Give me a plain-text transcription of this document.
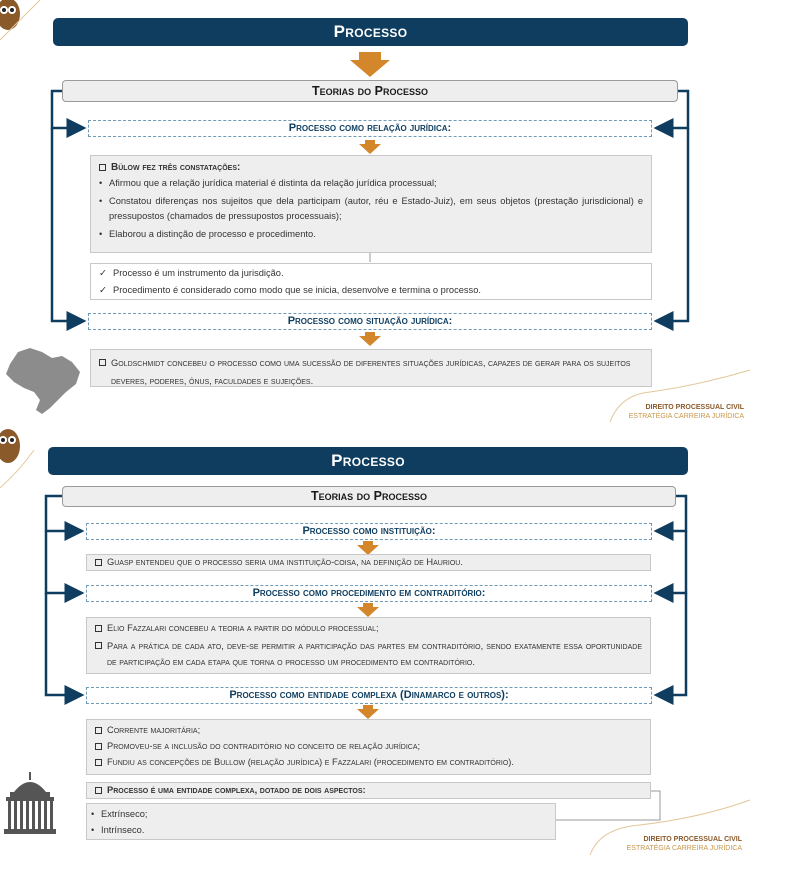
Processo
Teorias do Processo
Processo como relação jurídica:
Bülow fez três constatações:
• Afirmou que a relação jurídica material é distinta da relação jurídica processual;
• Constatou diferenças nos sujeitos que dela participam (autor, réu e Estado-Juiz), em seus objetos (prestação jurisdicional) e pressupostos (chamados de pressupostos processuais);
• Elaborou a distinção de processo e procedimento.
✓ Processo é um instrumento da jurisdição.
✓ Procedimento é considerado como modo que se inicia, desenvolve e termina o processo.
Processo como situação jurídica:
Goldschmidt concebeu o processo como uma sucessão de diferentes situações jurídicas, capazes de gerar para os sujeitos deveres, poderes, ônus, faculdades e sujeições.
DIREITO PROCESSUAL CIVIL
ESTRATÉGIA CARREIRA JURÍDICA
Processo
Teorias do Processo
Processo como instituição:
Guasp entendeu que o processo seria uma instituição-coisa, na definição de Hauriou.
Processo como procedimento em contraditório:
Elio Fazzalari concebeu a teoria a partir do módulo processual;
Para a prática de cada ato, deve-se permitir a participação das partes em contraditório, sendo exatamente essa oportunidade de participação em cada etapa que torna o processo um procedimento em contraditório.
Processo como entidade complexa (Dinamarco e outros):
Corrente majoritária;
Promoveu-se a inclusão do contraditório no conceito de relação jurídica;
Fundiu as concepções de Bullow (relação jurídica) e Fazzalari (procedimento em contraditório).
Processo é uma entidade complexa, dotado de dois aspectos:
• Extrínseco;
• Intrínseco.
DIREITO PROCESSUAL CIVIL
ESTRATÉGIA CARREIRA JURÍDICA
